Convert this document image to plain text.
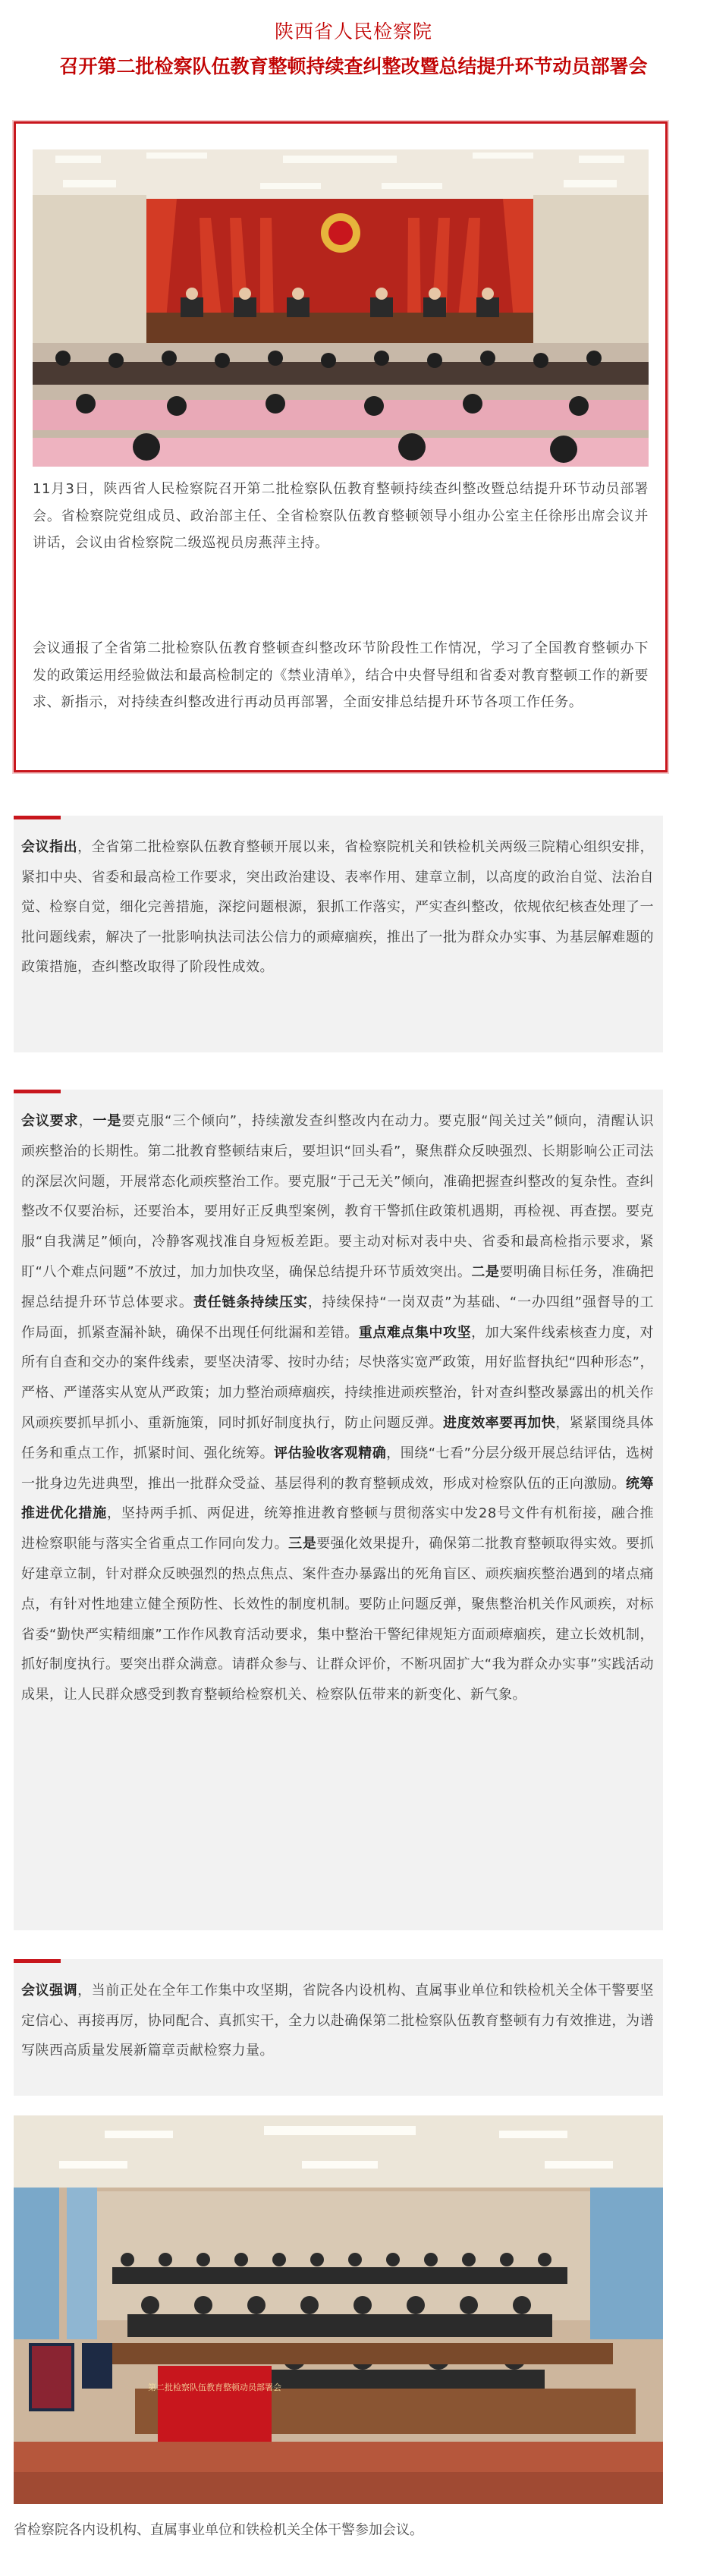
陕西省人民检察院
召开第二批检察队伍教育整顿持续查纠整改暨总结提升环节动员部署会

11月3日，陕西省人民检察院召开第二批检察队伍教育整顿持续查纠整改暨总结提升环节动员部署会。省检察院党组成员、政治部主任、全省检察队伍教育整顿领导小组办公室主任徐彤出席会议并讲话，会议由省检察院二级巡视员房燕萍主持。

会议通报了全省第二批检察队伍教育整顿查纠整改环节阶段性工作情况，学习了全国教育整顿办下发的政策运用经验做法和最高检制定的《禁业清单》，结合中央督导组和省委对教育整顿工作的新要求、新指示，对持续查纠整改进行再动员再部署，全面安排总结提升环节各项工作任务。

会议指出，全省第二批检察队伍教育整顿开展以来，省检察院机关和铁检机关两级三院精心组织安排，紧扣中央、省委和最高检工作要求，突出政治建设、表率作用、建章立制，以高度的政治自觉、法治自觉、检察自觉，细化完善措施，深挖问题根源，狠抓工作落实，严实查纠整改，依规依纪核查处理了一批问题线索，解决了一批影响执法司法公信力的顽瘴痼疾，推出了一批为群众办实事、为基层解难题的政策措施，查纠整改取得了阶段性成效。

会议要求，一是要克服“三个倾向”，持续激发查纠整改内在动力。要克服“闯关过关”倾向，清醒认识顽疾整治的长期性。第二批教育整顿结束后，要坦识“回头看”，聚焦群众反映强烈、长期影响公正司法的深层次问题，开展常态化顽疾整治工作。要克服“于己无关”倾向，准确把握查纠整改的复杂性。查纠整改不仅要治标，还要治本，要用好正反典型案例，教育干警抓住政策机遇期，再检视、再查摆。要克服“自我满足”倾向，冷静客观找准自身短板差距。要主动对标对表中央、省委和最高检指示要求，紧盯“八个难点问题”不放过，加力加快攻坚，确保总结提升环节质效突出。二是要明确目标任务，准确把握总结提升环节总体要求。责任链条持续压实，持续保持“一岗双责”为基础、“一办四组”强督导的工作局面，抓紧查漏补缺，确保不出现任何纰漏和差错。重点难点集中攻坚，加大案件线索核查力度，对所有自查和交办的案件线索，要坚决清零、按时办结；尽快落实宽严政策，用好监督执纪“四种形态”，严格、严谨落实从宽从严政策；加力整治顽瘴痼疾，持续推进顽疾整治，针对查纠整改暴露出的机关作风顽疾要抓早抓小、重新施策，同时抓好制度执行，防止问题反弹。进度效率要再加快，紧紧围绕具体任务和重点工作，抓紧时间、强化统筹。评估验收客观精确，围绕“七看”分层分级开展总结评估，选树一批身边先进典型，推出一批群众受益、基层得利的教育整顿成效，形成对检察队伍的正向激励。统筹推进优化措施，坚持两手抓、两促进，统筹推进教育整顿与贯彻落实中发28号文件有机衔接，融合推进检察职能与落实全省重点工作同向发力。三是要强化效果提升，确保第二批教育整顿取得实效。要抓好建章立制，针对群众反映强烈的热点焦点、案件查办暴露出的死角盲区、顽疾痼疾整治遇到的堵点痛点，有针对性地建立健全预防性、长效性的制度机制。要防止问题反弹，聚焦整治机关作风顽疾，对标省委“勤快严实精细廉”工作作风教育活动要求，集中整治干警纪律规矩方面顽瘴痼疾，建立长效机制，抓好制度执行。要突出群众满意。请群众参与、让群众评价，不断巩固扩大“我为群众办实事”实践活动成果，让人民群众感受到教育整顿给检察机关、检察队伍带来的新变化、新气象。

会议强调，当前正处在全年工作集中攻坚期，省院各内设机构、直属事业单位和铁检机关全体干警要坚定信心、再接再厉，协同配合、真抓实干，全力以赴确保第二批检察队伍教育整顿有力有效推进，为谱写陕西高质量发展新篇章贡献检察力量。

第二批检察队伍教育整顿动员部署会

省检察院各内设机构、直属事业单位和铁检机关全体干警参加会议。
